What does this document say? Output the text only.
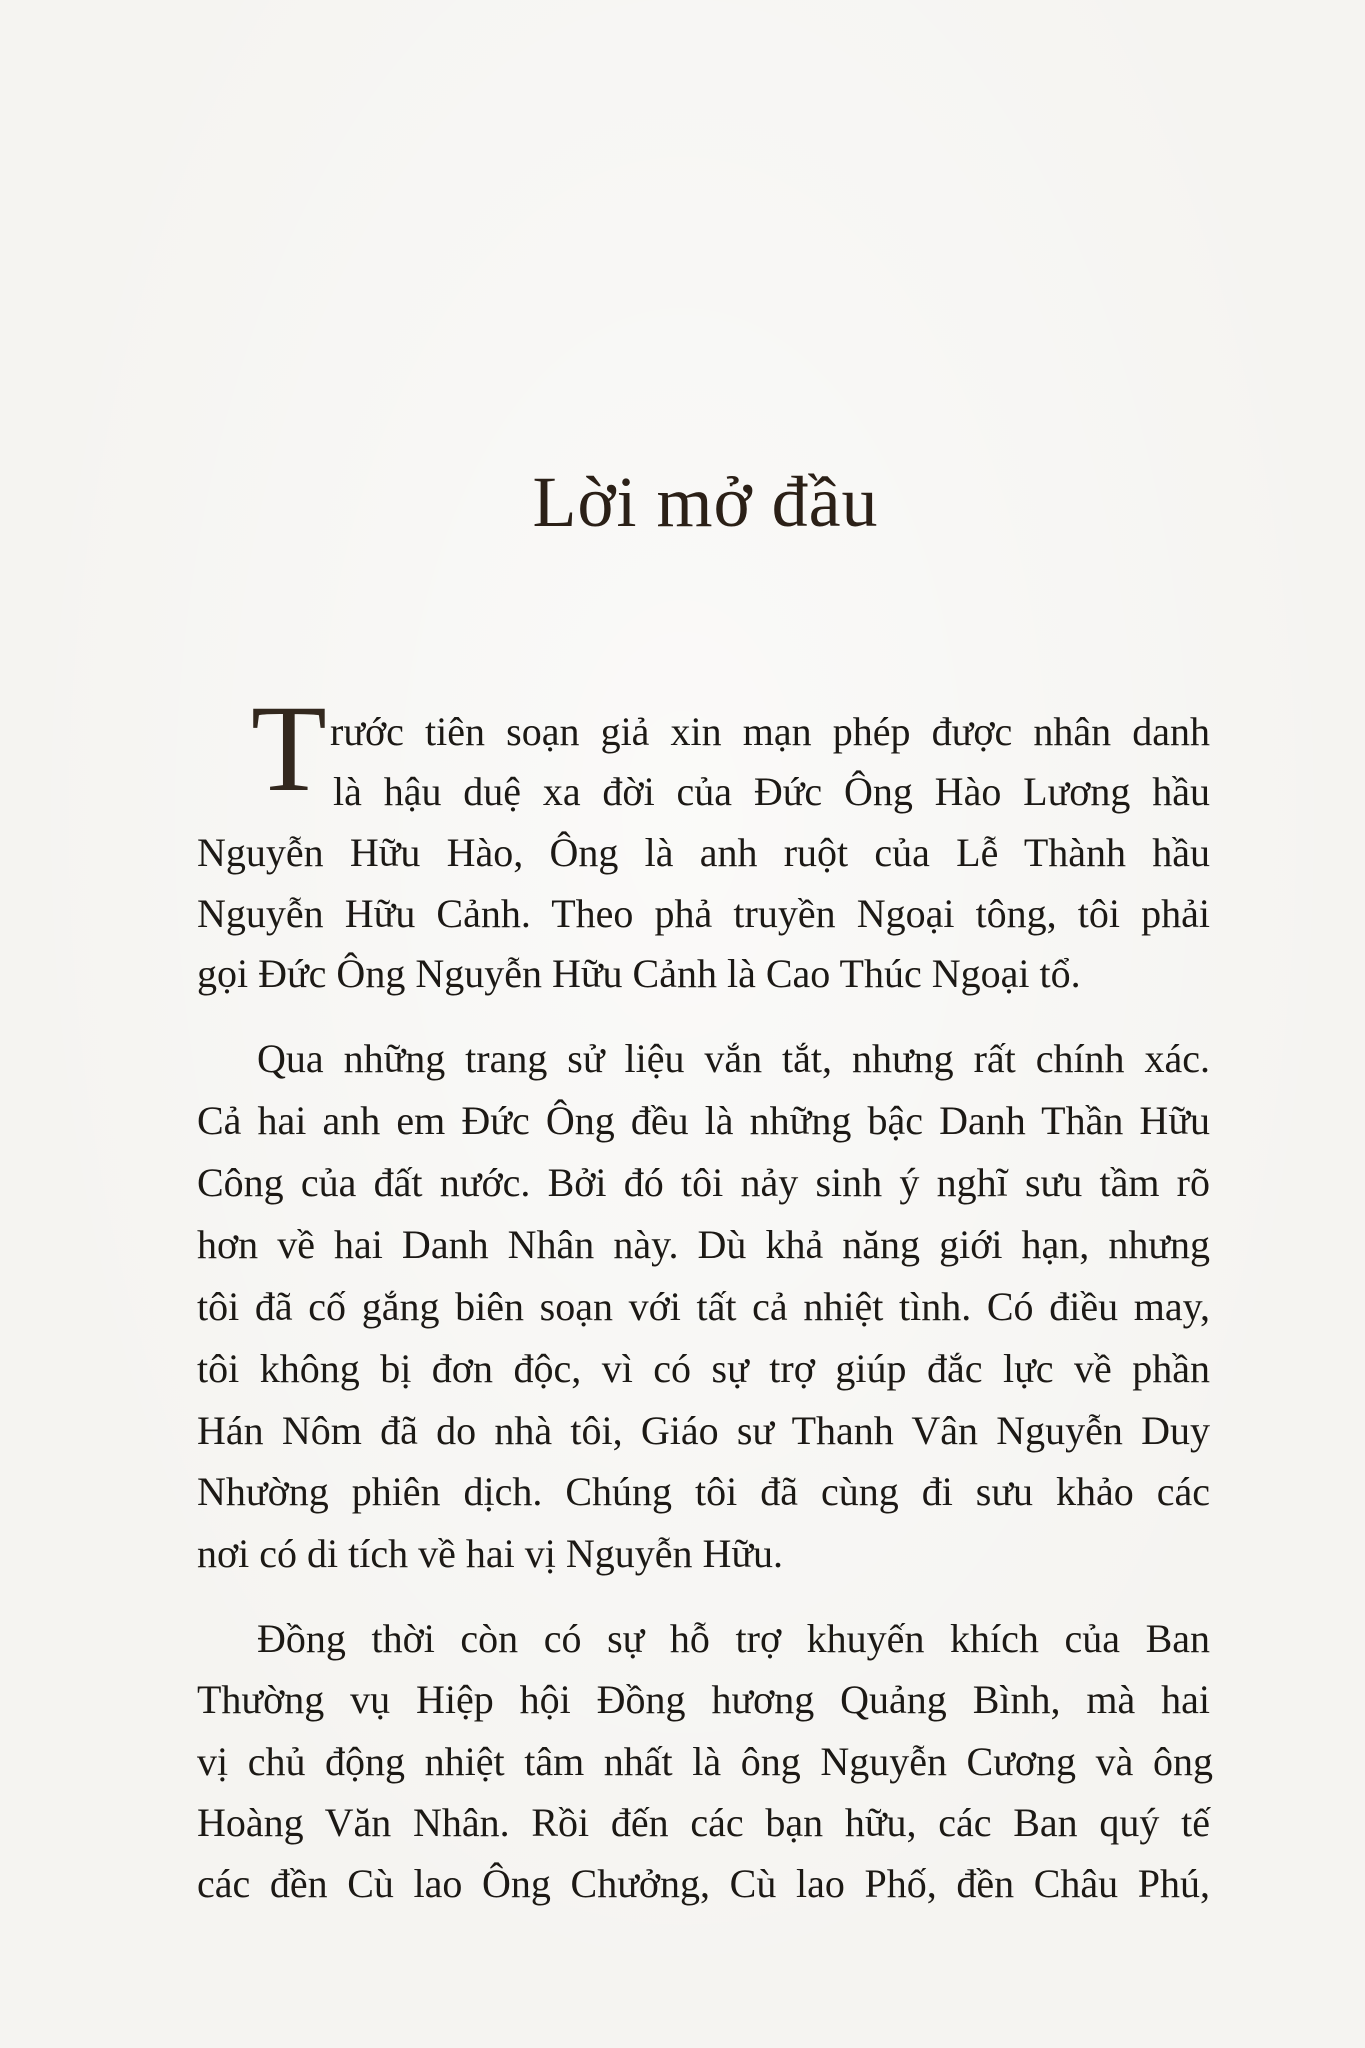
Lời mở đầu
T rước tiên soạn giả xin mạn phép được nhân danh
là hậu duệ xa đời của Đức Ông Hào Lương hầu
Nguyễn Hữu Hào, Ông là anh ruột của Lễ Thành hầu
Nguyễn Hữu Cảnh. Theo phả truyền Ngoại tông, tôi phải
gọi Đức Ông Nguyễn Hữu Cảnh là Cao Thúc Ngoại tổ.
Qua những trang sử liệu vắn tắt, nhưng rất chính xác.
Cả hai anh em Đức Ông đều là những bậc Danh Thần Hữu
Công của đất nước. Bởi đó tôi nảy sinh ý nghĩ sưu tầm rõ
hơn về hai Danh Nhân này. Dù khả năng giới hạn, nhưng
tôi đã cố gắng biên soạn với tất cả nhiệt tình. Có điều may,
tôi không bị đơn độc, vì có sự trợ giúp đắc lực về phần
Hán Nôm đã do nhà tôi, Giáo sư Thanh Vân Nguyễn Duy
Nhường phiên dịch. Chúng tôi đã cùng đi sưu khảo các
nơi có di tích về hai vị Nguyễn Hữu.
Đồng thời còn có sự hỗ trợ khuyến khích của Ban
Thường vụ Hiệp hội Đồng hương Quảng Bình, mà hai
vị chủ động nhiệt tâm nhất là ông Nguyễn Cương và ông
Hoàng Văn Nhân. Rồi đến các bạn hữu, các Ban quý tế
các đền Cù lao Ông Chưởng, Cù lao Phố, đền Châu Phú,
